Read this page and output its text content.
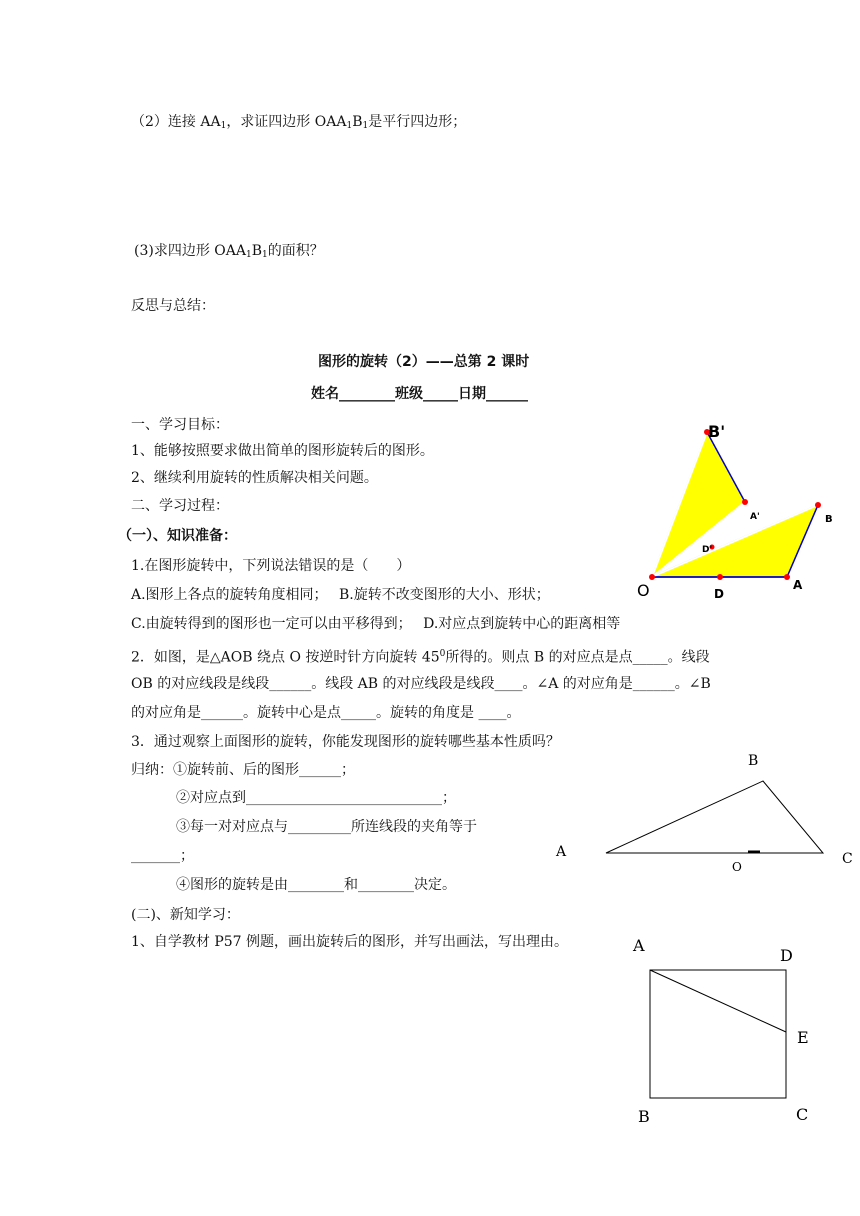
（2）连接 $AA_1$，求证四边形 $OAA_1B_1$是平行四边形；
(3)求四边形 $OAA_1B_1$的面积？
反思与总结：
图形的旋转（2）——总第 2 课时
姓名________班级_____日期______
一、学习目标：
1、能够按照要求做出简单的图形旋转后的图形。
2、继续利用旋转的性质解决相关问题。
二、学习过程：
（一）、知识准备：
1.在图形旋转中，下列说法错误的是（　　）
A.图形上各点的旋转角度相同；　 B.旋转不改变图形的大小、形状；
C.由旋转得到的图形也一定可以由平移得到；　 D.对应点到旋转中心的距离相等
2．如图，是△AOB 绕点 O 按逆时针方向旋转 $45^0$所得的。则点 B 的对应点是点_____。线段
OB 的对应线段是线段______。线段 AB 的对应线段是线段____。∠A 的对应角是______。∠B
的对应角是______。旋转中心是点_____。旋转的角度是 ____。
3．通过观察上面图形的旋转，你能发现图形的旋转哪些基本性质吗？
归纳：①旋转前、后的图形______；
②对应点到____________________________；
③每一对对应点与_________所连线段的夹角等于
_______；
④图形的旋转是由________和________决定。
(二)、新知学习：
1、自学教材 P57 例题，画出旋转后的图形，并写出画法，写出理由。
B'
B
O	D
A
D'
A'
B
A
O	C
A
D
E
B	C
